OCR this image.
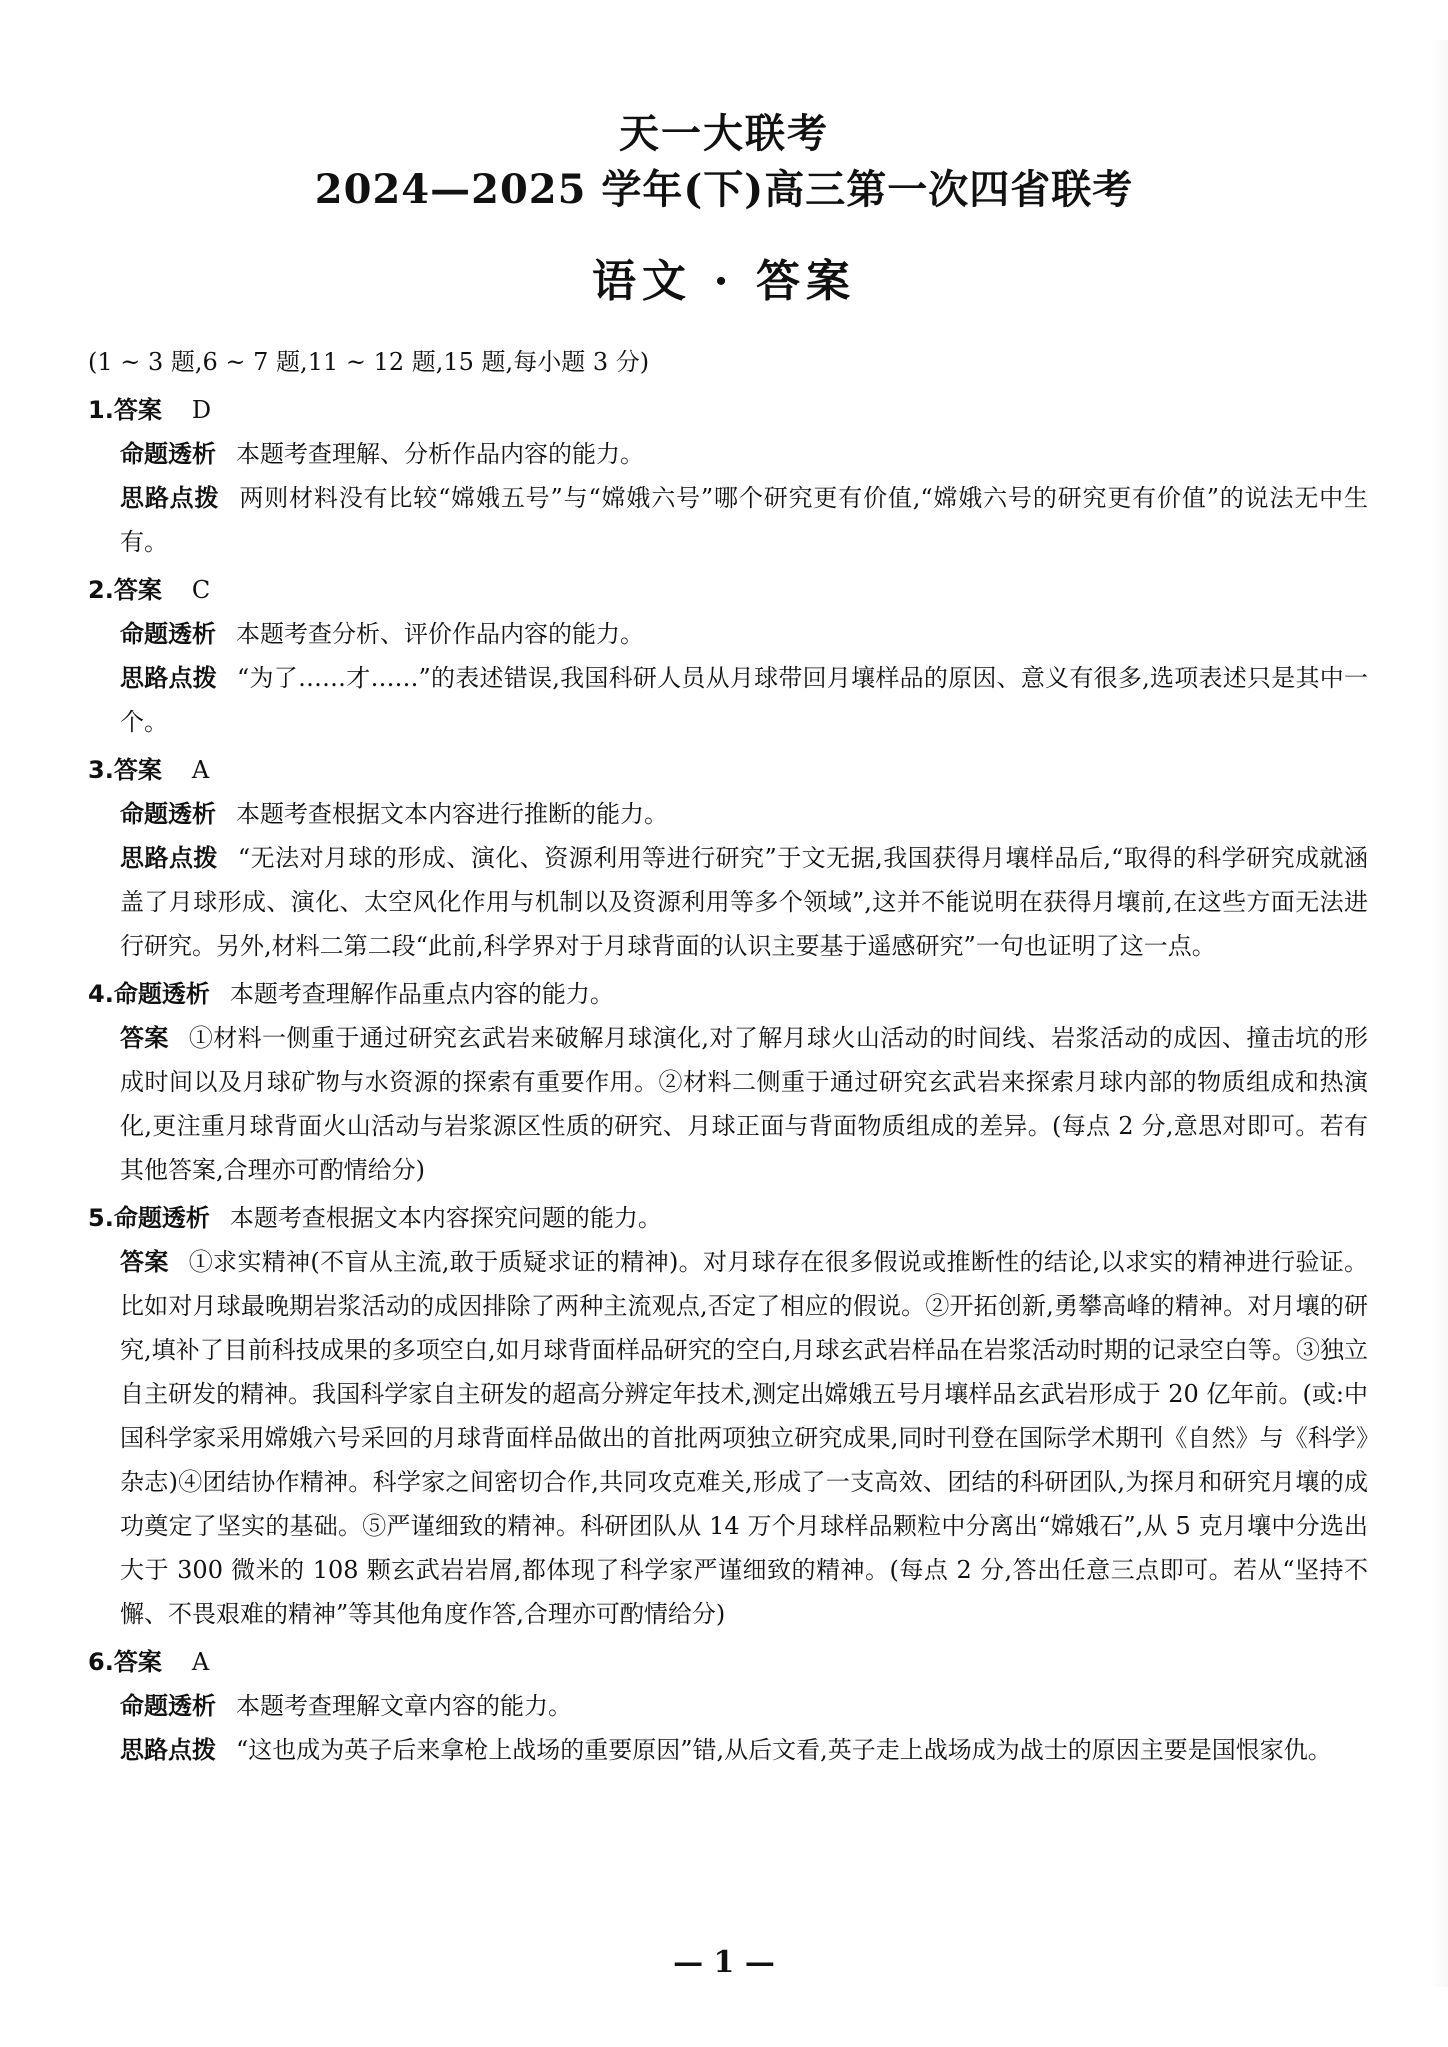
天一大联考
2024—2025 学年(下)高三第一次四省联考
语文 · 答案

(1 ~ 3 题,6 ~ 7 题,11 ~ 12 题,15 题,每小题 3 分)

1.答案 D

命题透析 本题考查理解、分析作品内容的能力。

思路点拨 两则材料没有比较“嫦娥五号”与“嫦娥六号”哪个研究更有价值,“嫦娥六号的研究更有价值”的说法无中生有。

2.答案 C

命题透析 本题考查分析、评价作品内容的能力。

思路点拨 “为了……才……”的表述错误,我国科研人员从月球带回月壤样品的原因、意义有很多,选项表述只是其中一个。

3.答案 A

命题透析 本题考查根据文本内容进行推断的能力。

思路点拨 “无法对月球的形成、演化、资源利用等进行研究”于文无据,我国获得月壤样品后,“取得的科学研究成就涵盖了月球形成、演化、太空风化作用与机制以及资源利用等多个领域”,这并不能说明在获得月壤前,在这些方面无法进行研究。另外,材料二第二段“此前,科学界对于月球背面的认识主要基于遥感研究”一句也证明了这一点。

4.命题透析 本题考查理解作品重点内容的能力。

答案 ①材料一侧重于通过研究玄武岩来破解月球演化,对了解月球火山活动的时间线、岩浆活动的成因、撞击坑的形成时间以及月球矿物与水资源的探索有重要作用。②材料二侧重于通过研究玄武岩来探索月球内部的物质组成和热演化,更注重月球背面火山活动与岩浆源区性质的研究、月球正面与背面物质组成的差异。(每点 2 分,意思对即可。若有其他答案,合理亦可酌情给分)

5.命题透析 本题考查根据文本内容探究问题的能力。

答案 ①求实精神(不盲从主流,敢于质疑求证的精神)。对月球存在很多假说或推断性的结论,以求实的精神进行验证。比如对月球最晚期岩浆活动的成因排除了两种主流观点,否定了相应的假说。②开拓创新,勇攀高峰的精神。对月壤的研究,填补了目前科技成果的多项空白,如月球背面样品研究的空白,月球玄武岩样品在岩浆活动时期的记录空白等。③独立自主研发的精神。我国科学家自主研发的超高分辨定年技术,测定出嫦娥五号月壤样品玄武岩形成于 20 亿年前。(或:中国科学家采用嫦娥六号采回的月球背面样品做出的首批两项独立研究成果,同时刊登在国际学术期刊《自然》与《科学》杂志)④团结协作精神。科学家之间密切合作,共同攻克难关,形成了一支高效、团结的科研团队,为探月和研究月壤的成功奠定了坚实的基础。⑤严谨细致的精神。科研团队从 14 万个月球样品颗粒中分离出“嫦娥石”,从 5 克月壤中分选出大于 300 微米的 108 颗玄武岩岩屑,都体现了科学家严谨细致的精神。(每点 2 分,答出任意三点即可。若从“坚持不懈、不畏艰难的精神”等其他角度作答,合理亦可酌情给分)

6.答案 A

命题透析 本题考查理解文章内容的能力。

思路点拨 “这也成为英子后来拿枪上战场的重要原因”错,从后文看,英子走上战场成为战士的原因主要是国恨家仇。

— 1 —
